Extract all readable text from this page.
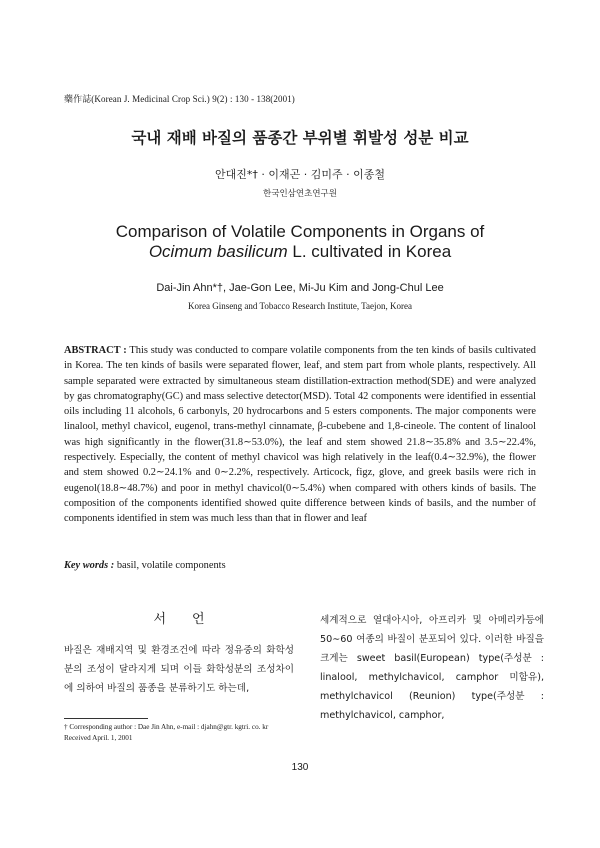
藥作誌(Korean J. Medicinal Crop Sci.) 9(2) : 130 - 138(2001)
국내 재배 바질의 품종간 부위별 휘발성 성분 비교
안대진*† · 이재곤 · 김미주 · 이종철
한국인삼연초연구원
Comparison of Volatile Components in Organs of
Ocimum basilicum L. cultivated in Korea
Dai-Jin Ahn*†, Jae-Gon Lee, Mi-Ju Kim and Jong-Chul Lee
Korea Ginseng and Tobacco Research Institute, Taejon, Korea
ABSTRACT : This study was conducted to compare volatile components from the ten kinds of basils cultivated in Korea. The ten kinds of basils were separated flower, leaf, and stem part from whole plants, respectively. All sample separated were extracted by simultaneous steam distillation-extraction method(SDE) and were analyzed by gas chromatography(GC) and mass selective detector(MSD). Total 42 components were identified in essential oils including 11 alcohols, 6 carbonyls, 20 hydrocarbons and 5 esters components. The major components were linalool, methyl chavicol, eugenol, trans-methyl cinnamate, β-cubebene and 1,8-cineole. The content of linalool was high significantly in the flower(31.8∼53.0%), the leaf and stem showed 21.8∼35.8% and 3.5∼22.4%, respectively. Especially, the content of methyl chavicol was high relatively in the leaf(0.4∼32.9%), the flower and stem showed 0.2∼24.1% and 0∼2.2%, respectively. Articock, figz, glove, and greek basils were rich in eugenol(18.8∼48.7%) and poor in methyl chavicol(0∼5.4%) when compared with others kinds of basils. The composition of the components identified showed quite difference between kinds of basils, and the number of components identified in stem was much less than that in flower and leaf
Key words : basil, volatile components
서언

바질은 재배지역 및 환경조건에 따라 정유중의 화학성분의 조성이 달라지게 되며 이들 화학성분의 조성차이에 의하여 바질의 품종을 분류하기도 하는데,

세계적으로 열대아시아, 아프리카 및 아메리카등에 50∼60 여종의 바질이 분포되어 있다. 이러한 바질을 크게는 sweet basil(European) type(주성분 : linalool, methylchavicol, camphor 미함유), methylchavicol (Reunion) type(주성분 : methylchavicol, camphor,

† Corresponding author : Dae Jin Ahn, e-mail : djahn@gtr. kgtri. co. kr
Received April. 1, 2001
130
